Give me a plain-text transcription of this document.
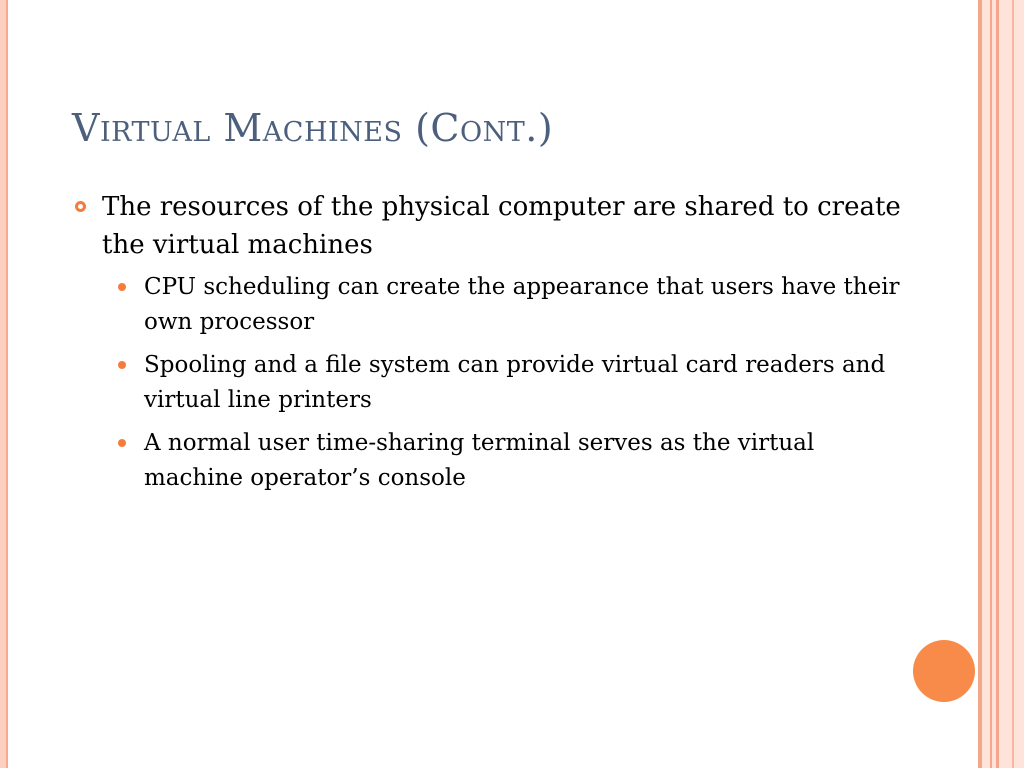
Virtual Machines (Cont.)
The resources of the physical computer are shared to create the virtual machines
CPU scheduling can create the appearance that users have their own processor
Spooling and a file system can provide virtual card readers and virtual line printers
A normal user time-sharing terminal serves as the virtual machine operator’s console
